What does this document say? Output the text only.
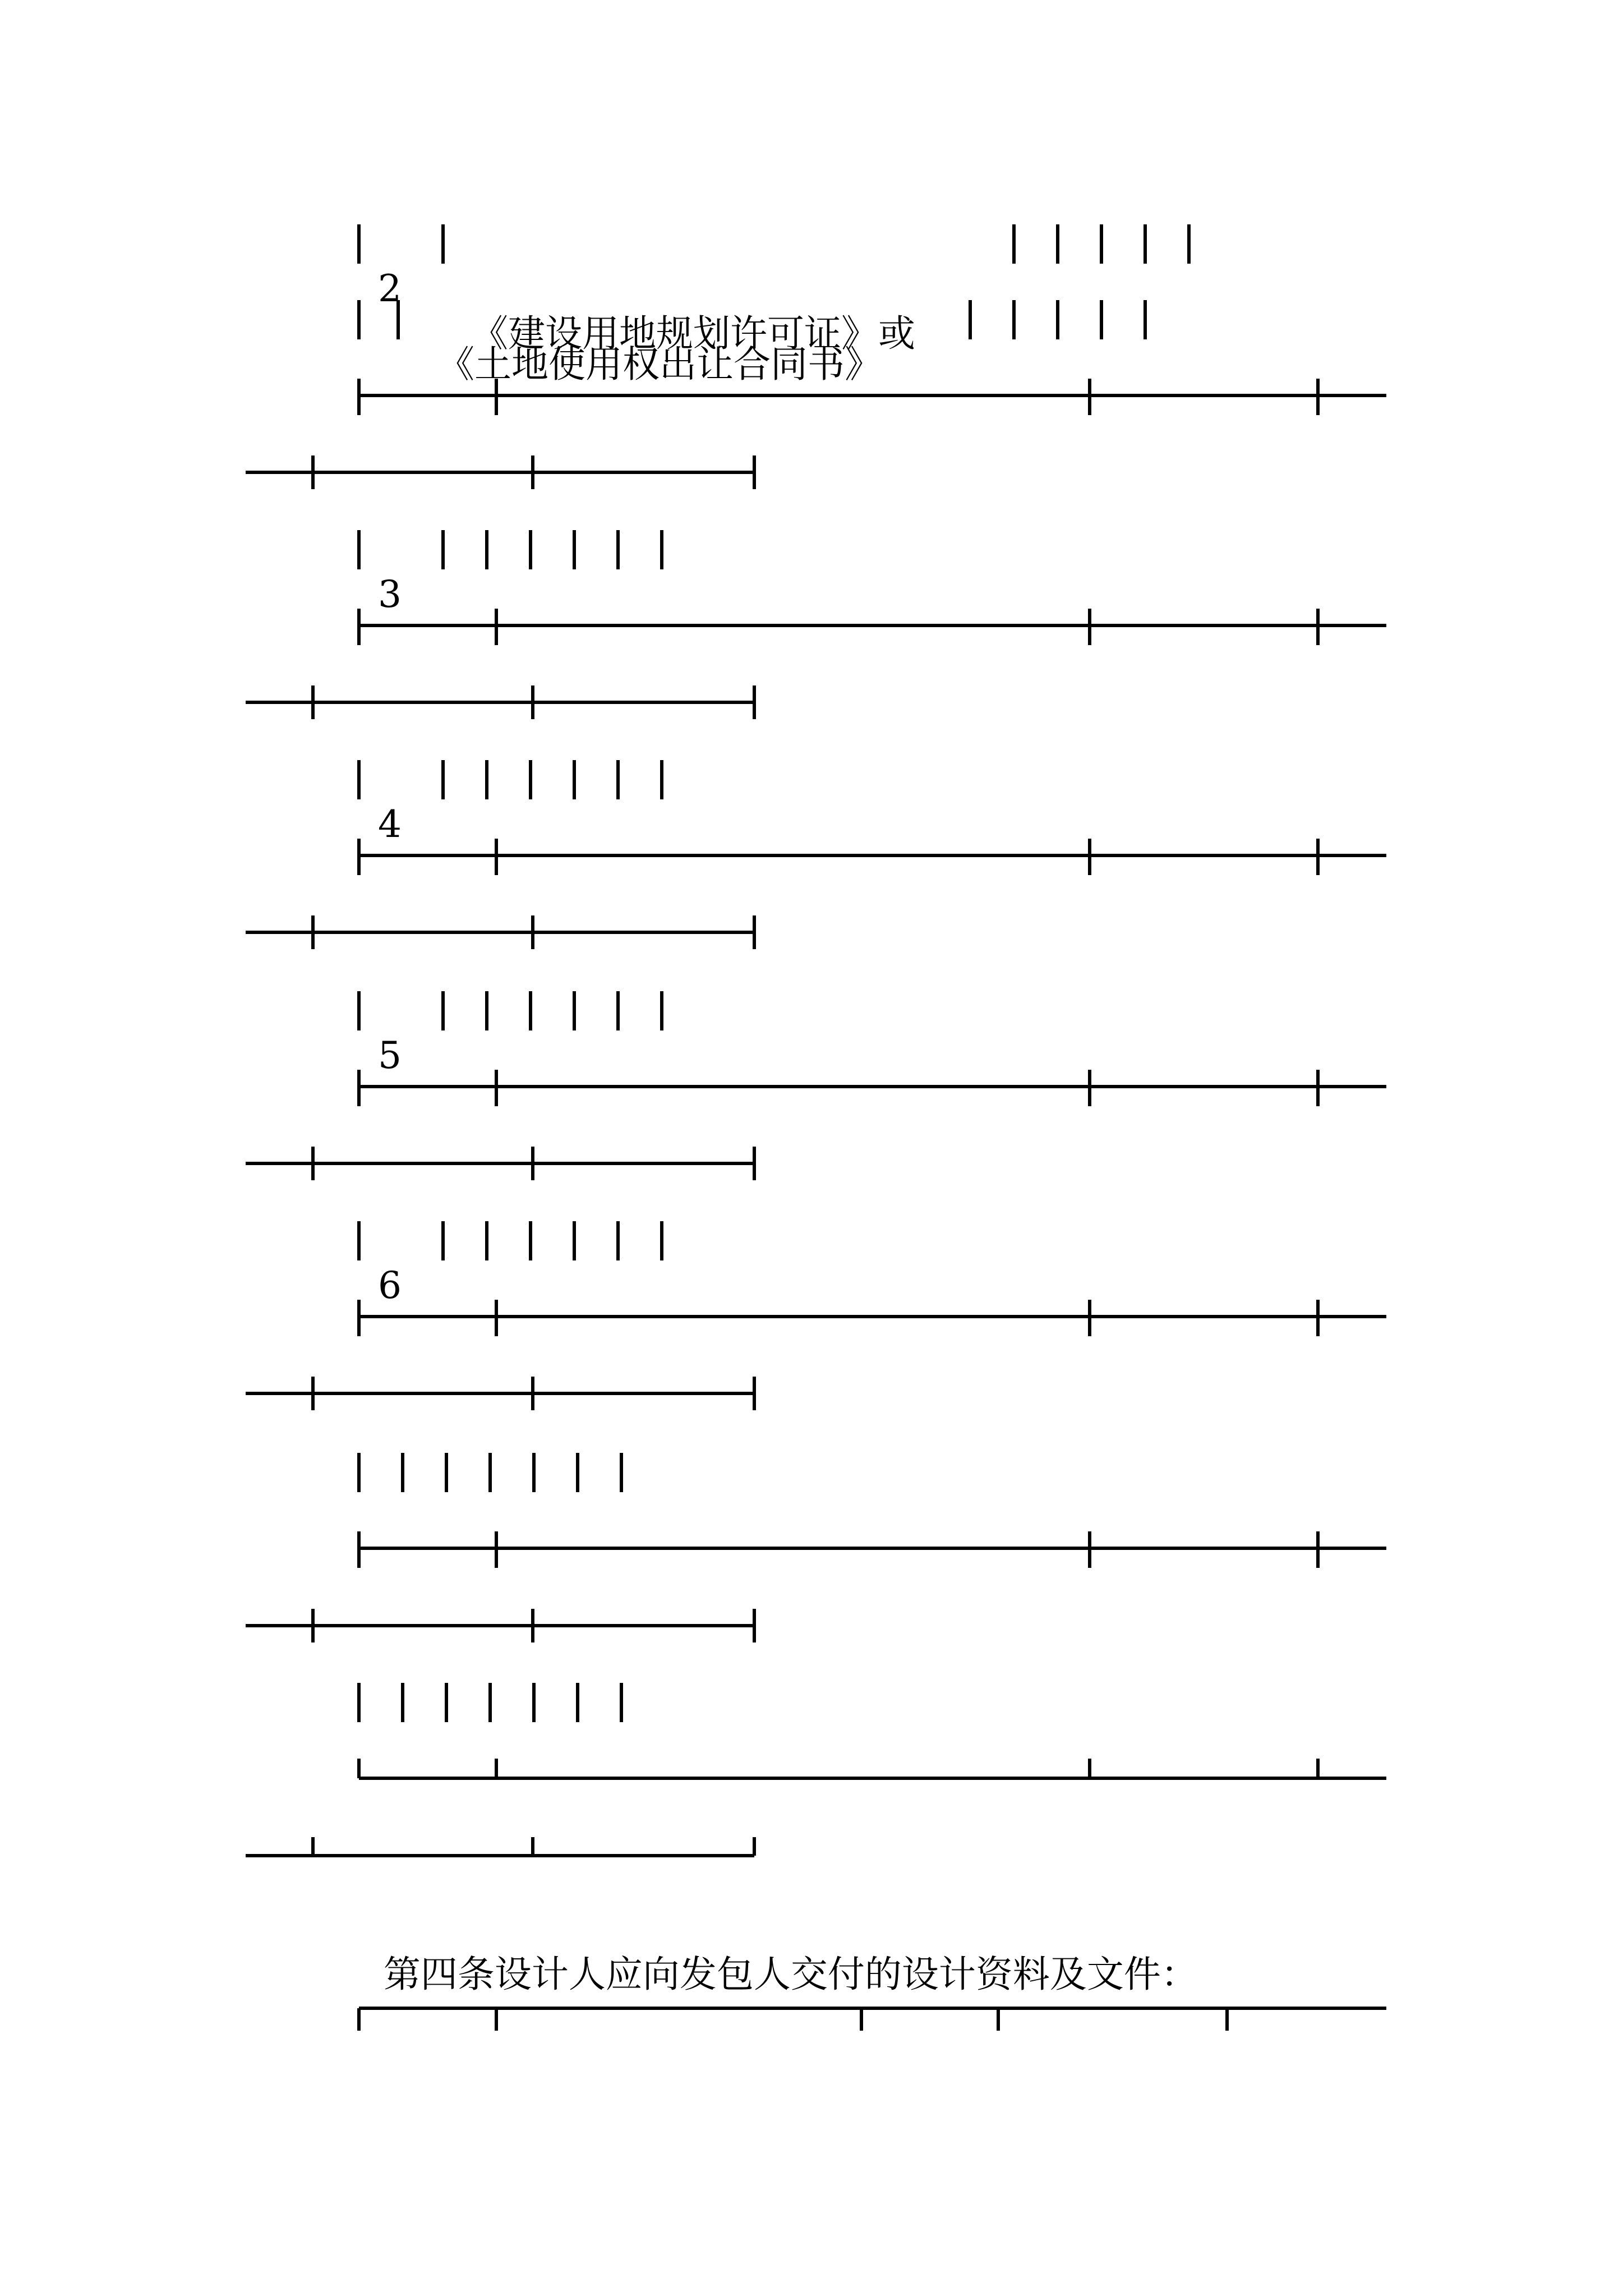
2

《建设用地规划许可证》或

《土地使用权出让合同书》

3

4

5

6

第四条设计人应向发包人交付的设计资料及文件：
